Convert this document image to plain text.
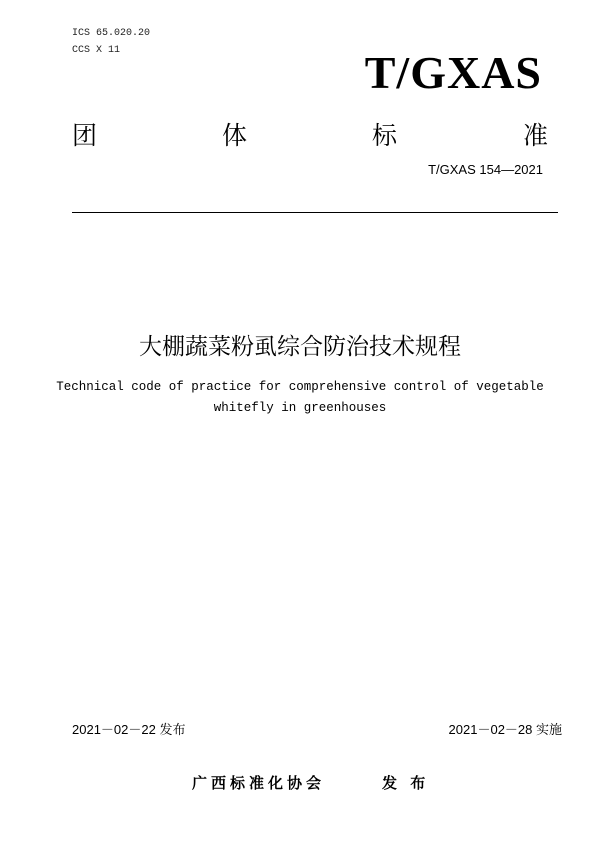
ICS 65.020.20
CCS X 11	T/GXAS
团	体	标	准
T/GXAS 154—2021
大棚蔬菜粉虱综合防治技术规程
Technical code of practice for comprehensive control of vegetable
whitefly in greenhouses
2021－02－22 发布	2021－02－28 实施
广西标准化协会	发 布
